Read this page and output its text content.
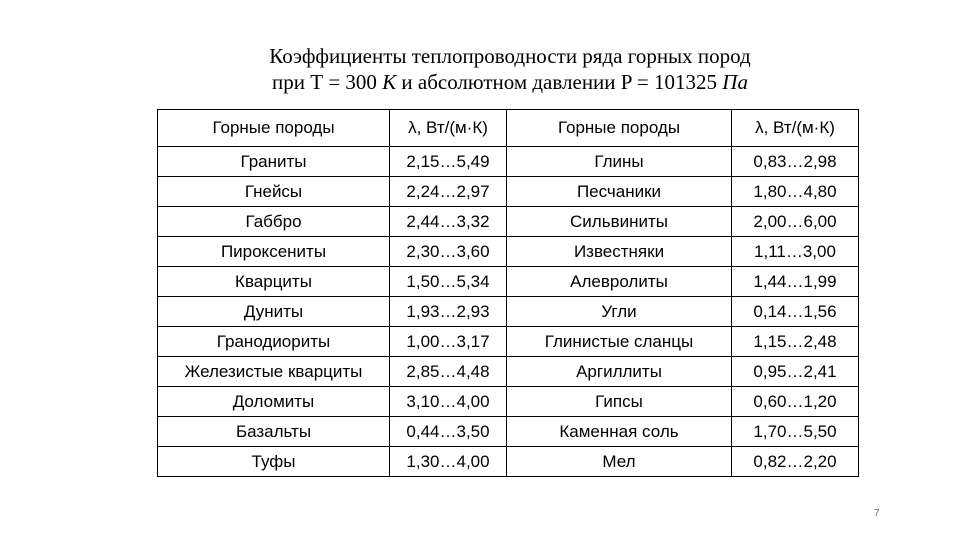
Коэффициенты теплопроводности ряда горных пород
при Т = 300 К и абсолютном давлении P = 101325 Па
Горные породы	λ, Вт/(м·К)	Горные породы	λ, Вт/(м·К)
Граниты	2,15…5,49	Глины	0,83…2,98
Гнейсы	2,24…2,97	Песчаники	1,80…4,80
Габбро	2,44…3,32	Сильвиниты	2,00…6,00
Пироксениты	2,30…3,60	Известняки	1,11…3,00
Кварциты	1,50…5,34	Алевролиты	1,44…1,99
Дуниты	1,93…2,93	Угли	0,14…1,56
Гранодиориты	1,00…3,17	Глинистые сланцы	1,15…2,48
Железистые кварциты	2,85…4,48	Аргиллиты	0,95…2,41
Доломиты	3,10…4,00	Гипсы	0,60…1,20
Базальты	0,44…3,50	Каменная соль	1,70…5,50
Туфы	1,30…4,00	Мел	0,82…2,20
7
